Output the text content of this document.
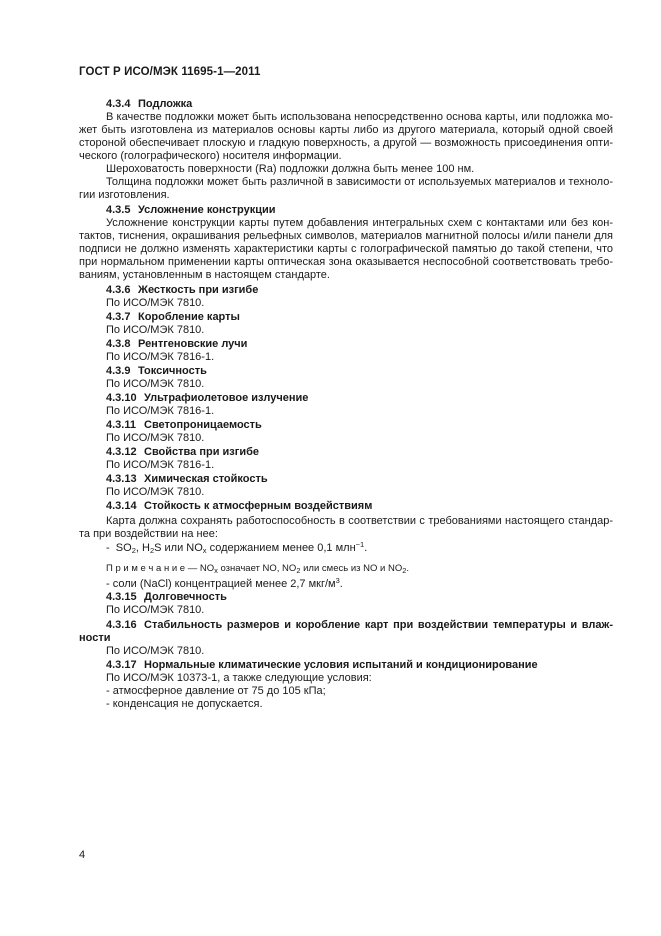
ГОСТ Р ИСО/МЭК 11695-1—2011
4.3.4 Подложка
В качестве подложки может быть использована непосредственно основа карты, или подложка мо-
жет быть изготовлена из материалов основы карты либо из другого материала, который одной своей
стороной обеспечивает плоскую и гладкую поверхность, а другой — возможность присоединения опти-
ческого (голографического) носителя информации.
Шероховатость поверхности (Ra) подложки должна быть менее 100 нм.
Толщина подложки может быть различной в зависимости от используемых материалов и техноло-
гии изготовления.
4.3.5 Усложнение конструкции
Усложнение конструкции карты путем добавления интегральных схем с контактами или без кон-
тактов, тиснения, окрашивания рельефных символов, материалов магнитной полосы и/или панели для
подписи не должно изменять характеристики карты с голографической памятью до такой степени, что
при нормальном применении карты оптическая зона оказывается неспособной соответствовать требо-
ваниям, установленным в настоящем стандарте.
4.3.6 Жесткость при изгибе
По ИСО/МЭК 7810.
4.3.7 Коробление карты
По ИСО/МЭК 7810.
4.3.8 Рентгеновские лучи
По ИСО/МЭК 7816-1.
4.3.9 Токсичность
По ИСО/МЭК 7810.
4.3.10 Ультрафиолетовое излучение
По ИСО/МЭК 7816-1.
4.3.11 Светопроницаемость
По ИСО/МЭК 7810.
4.3.12 Свойства при изгибе
По ИСО/МЭК 7816-1.
4.3.13 Химическая стойкость
По ИСО/МЭК 7810.
4.3.14 Стойкость к атмосферным воздействиям
Карта должна сохранять работоспособность в соответствии с требованиями настоящего стандар-
та при воздействии на нее:
- $SO_2$, $H_2S$ или $NO_x$ содержанием менее 0,1 млн$^{-1}$.
П р и м е ч а н и е — $NO_x$ означает NO, $NO_2$ или смесь из NO и $NO_2$.
- соли (NaCl) концентрацией менее 2,7 мкг/$м^3$.
4.3.15 Долговечность
По ИСО/МЭК 7810.
4.3.16 Стабильность размеров и коробление карт при воздействии температуры и влаж-
ности
По ИСО/МЭК 7810.
4.3.17 Нормальные климатические условия испытаний и кондиционирование
По ИСО/МЭК 10373-1, а также следующие условия:
- атмосферное давление от 75 до 105 кПа;
- конденсация не допускается.
4
